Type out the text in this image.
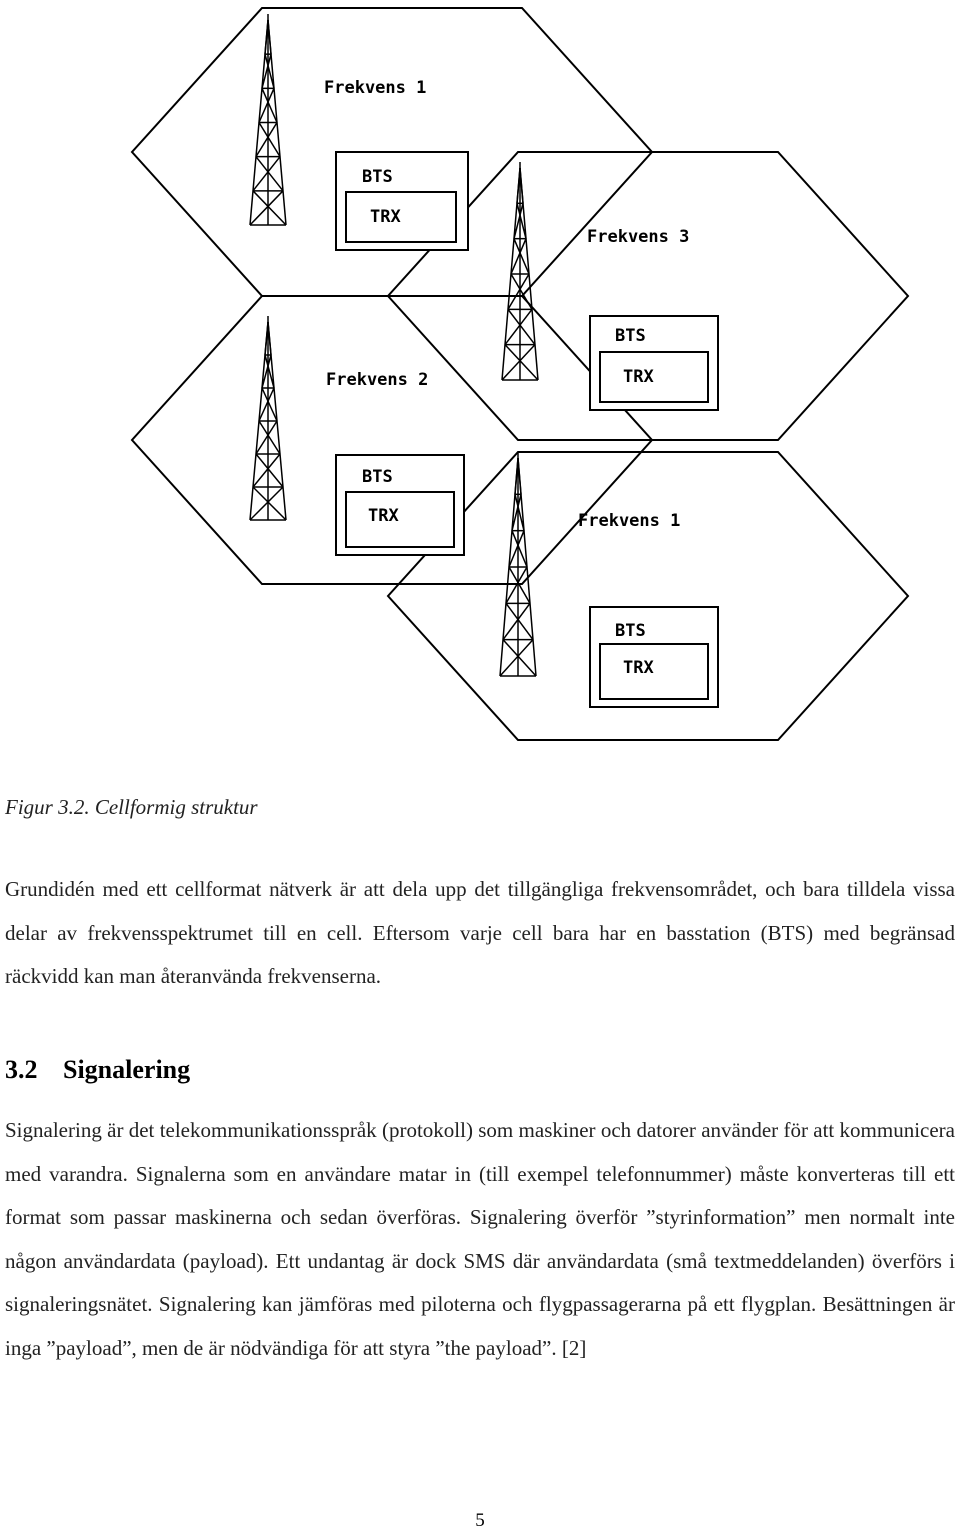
Frekvens 1
BTS
TRX
Frekvens 3
BTS
TRX
Frekvens 2
BTS
TRX	Frekvens 1
BTS
TRX
Figur 3.2. Cellformig struktur

Grundidén med ett cellformat nätverk är att dela upp det tillgängliga frekvensområdet, och bara tilldela vissa delar av frekvensspektrumet till en cell. Eftersom varje cell bara har en basstation (BTS) med begränsad räckvidd kan man återanvända frekvenserna.

3.2 Signalering

Signalering är det telekommunikationsspråk (protokoll) som maskiner och datorer använder för att kommunicera med varandra. Signalerna som en användare matar in (till exempel telefonnummer) måste konverteras till ett format som passar maskinerna och sedan överföras. Signalering överför ”styrinformation” men normalt inte någon användardata (payload). Ett undantag är dock SMS där användardata (små textmeddelanden) överförs i signaleringsnätet. Signalering kan jämföras med piloterna och flygpassagerarna på ett flygplan. Besättningen är inga ”payload”, men de är nödvändiga för att styra ”the payload”. [2]

5
